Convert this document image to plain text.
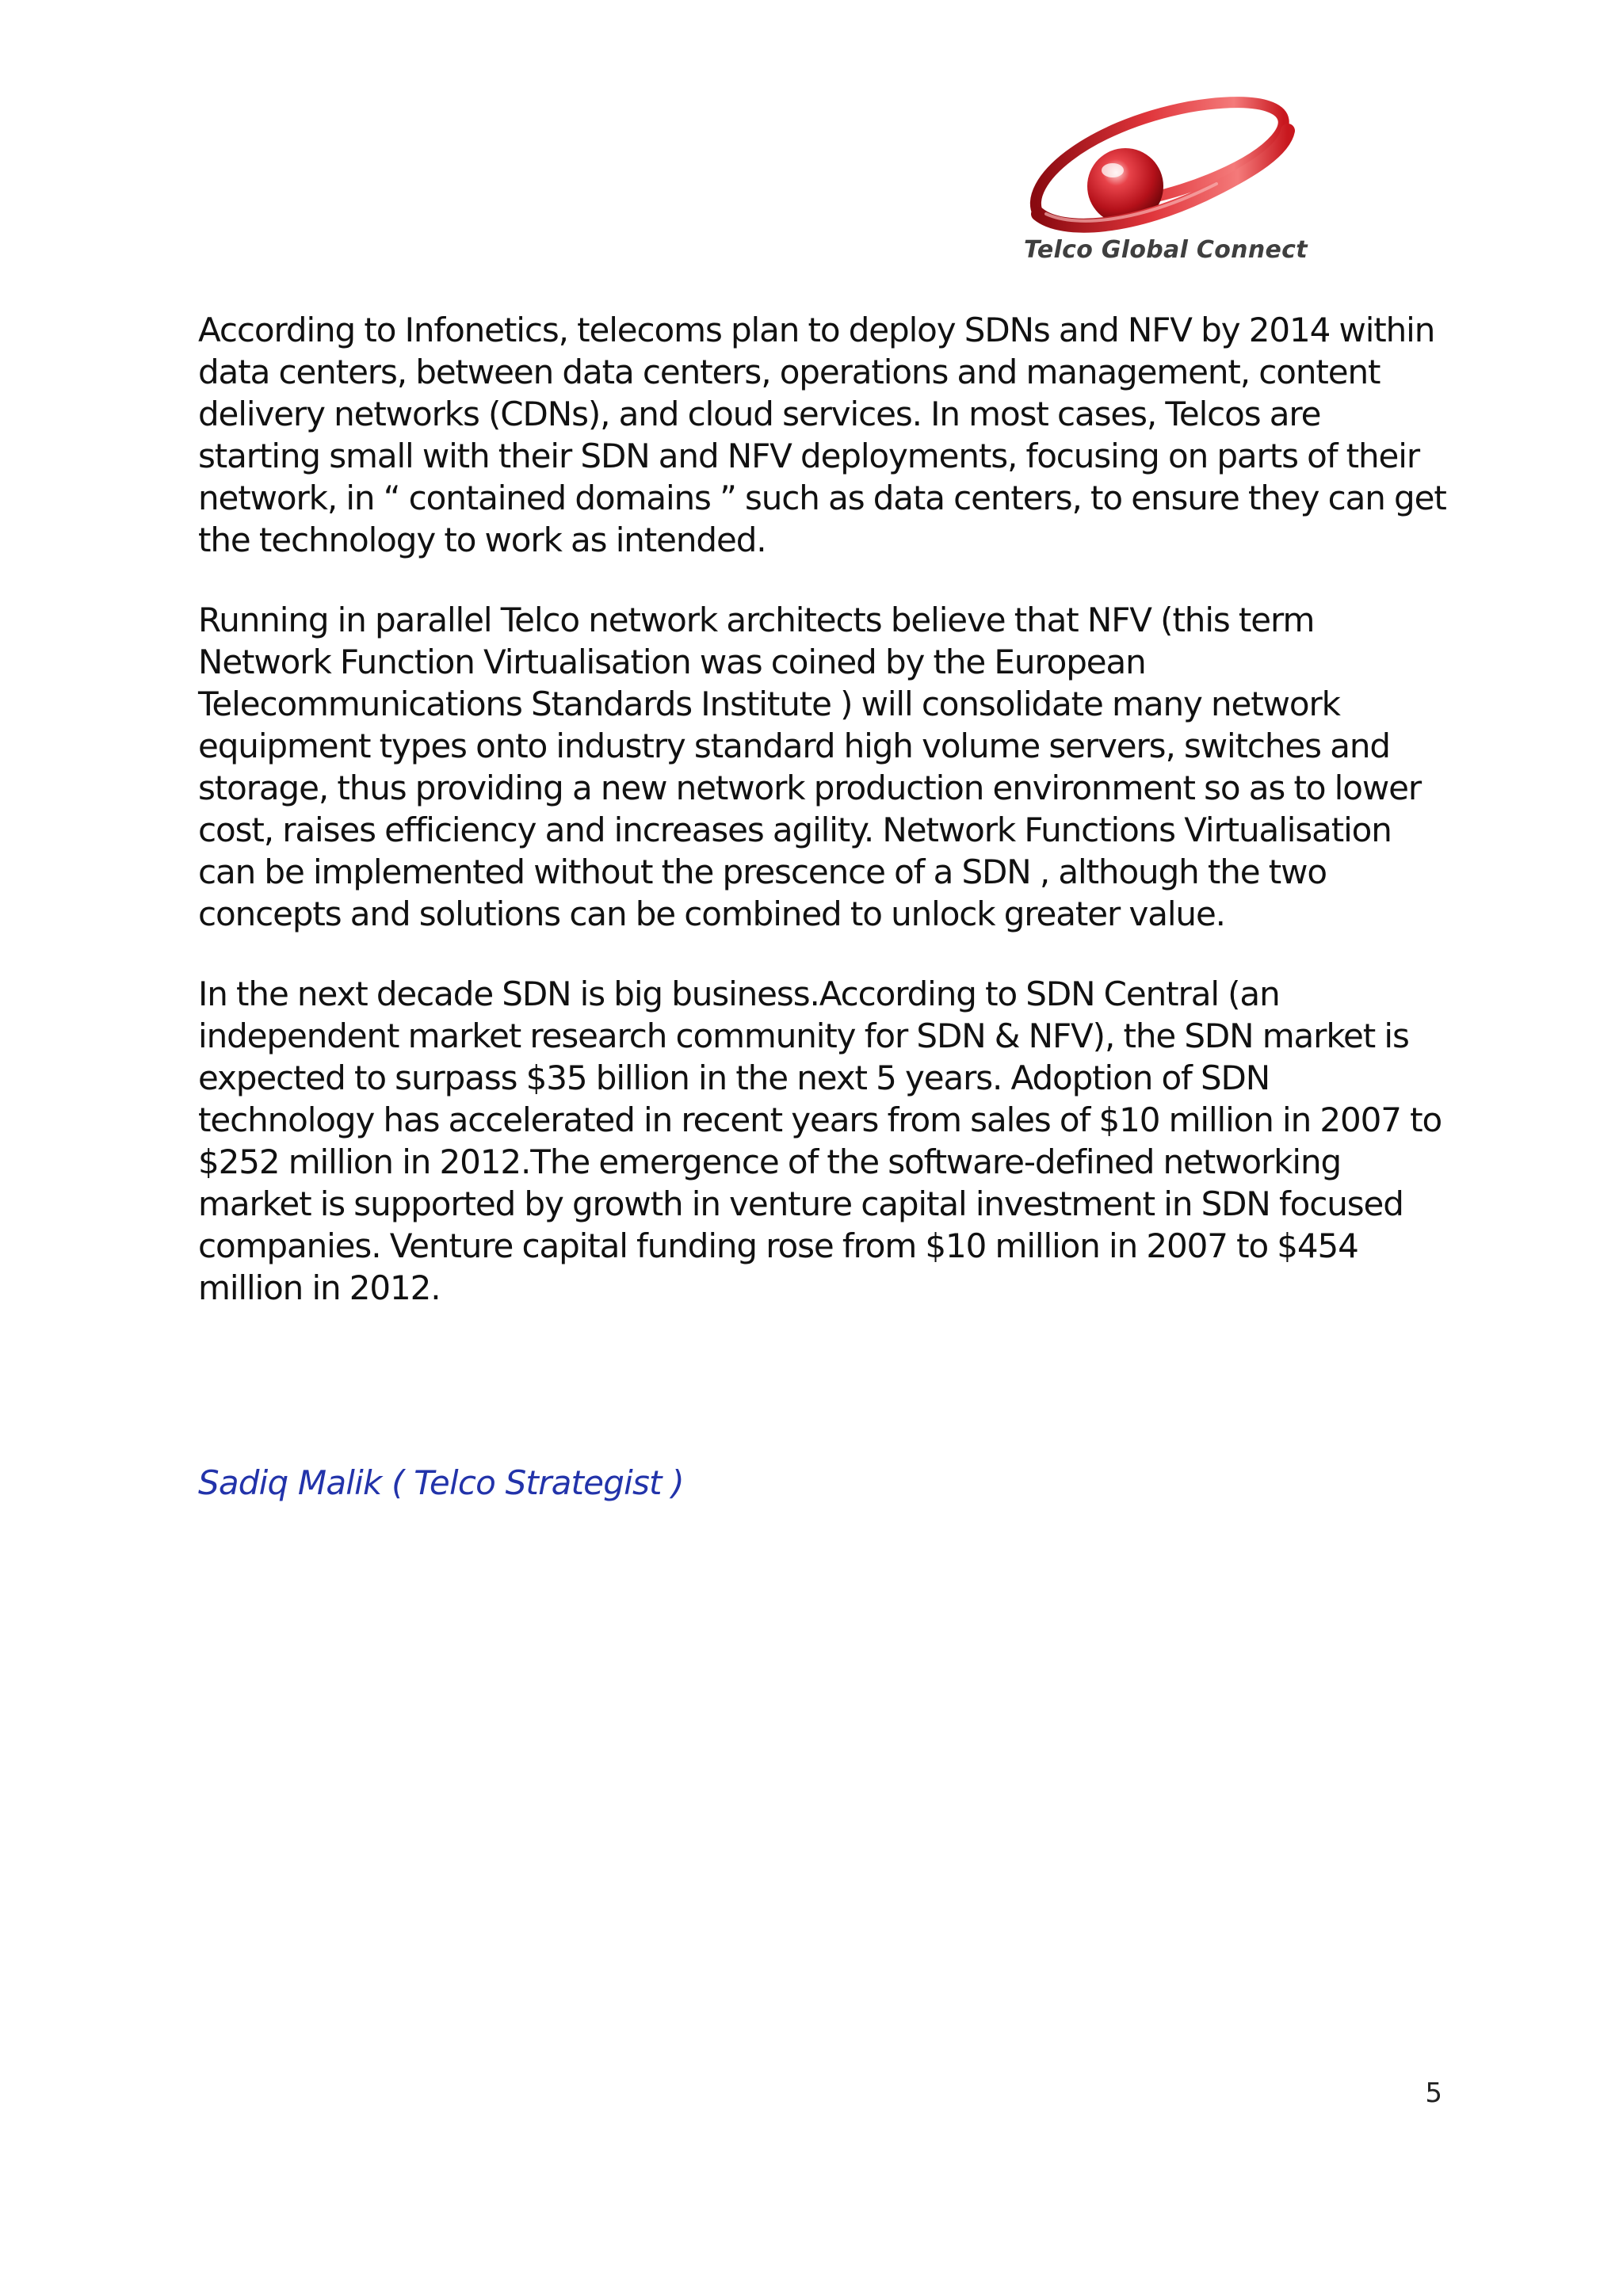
Telco Global Connect

According to Infonetics, telecoms plan to deploy SDNs and NFV by 2014 within data centers, between data centers, operations and management, content delivery networks (CDNs), and cloud services. In most cases, Telcos are starting small with their SDN and NFV deployments, focusing on parts of their network, in “ contained domains ” such as data centers, to ensure they can get the technology to work as intended.

Running in parallel Telco network architects believe that NFV (this term Network Function Virtualisation was coined by the European Telecommunications Standards Institute ) will consolidate many network equipment types onto industry standard high volume servers, switches and storage, thus providing a new network production environment so as to lower cost, raises efficiency and increases agility. Network Functions Virtualisation can be implemented without the prescence of a SDN , although the two concepts and solutions can be combined to unlock greater value.

In the next decade SDN is big business.According to SDN Central (an independent market research community for SDN & NFV), the SDN market is expected to surpass $35 billion in the next 5 years. Adoption of SDN technology has accelerated in recent years from sales of $10 million in 2007 to $252 million in 2012.The emergence of the software-defined networking market is supported by growth in venture capital investment in SDN focused companies. Venture capital funding rose from $10 million in 2007 to $454 million in 2012.

Sadiq Malik ( Telco Strategist )
5
